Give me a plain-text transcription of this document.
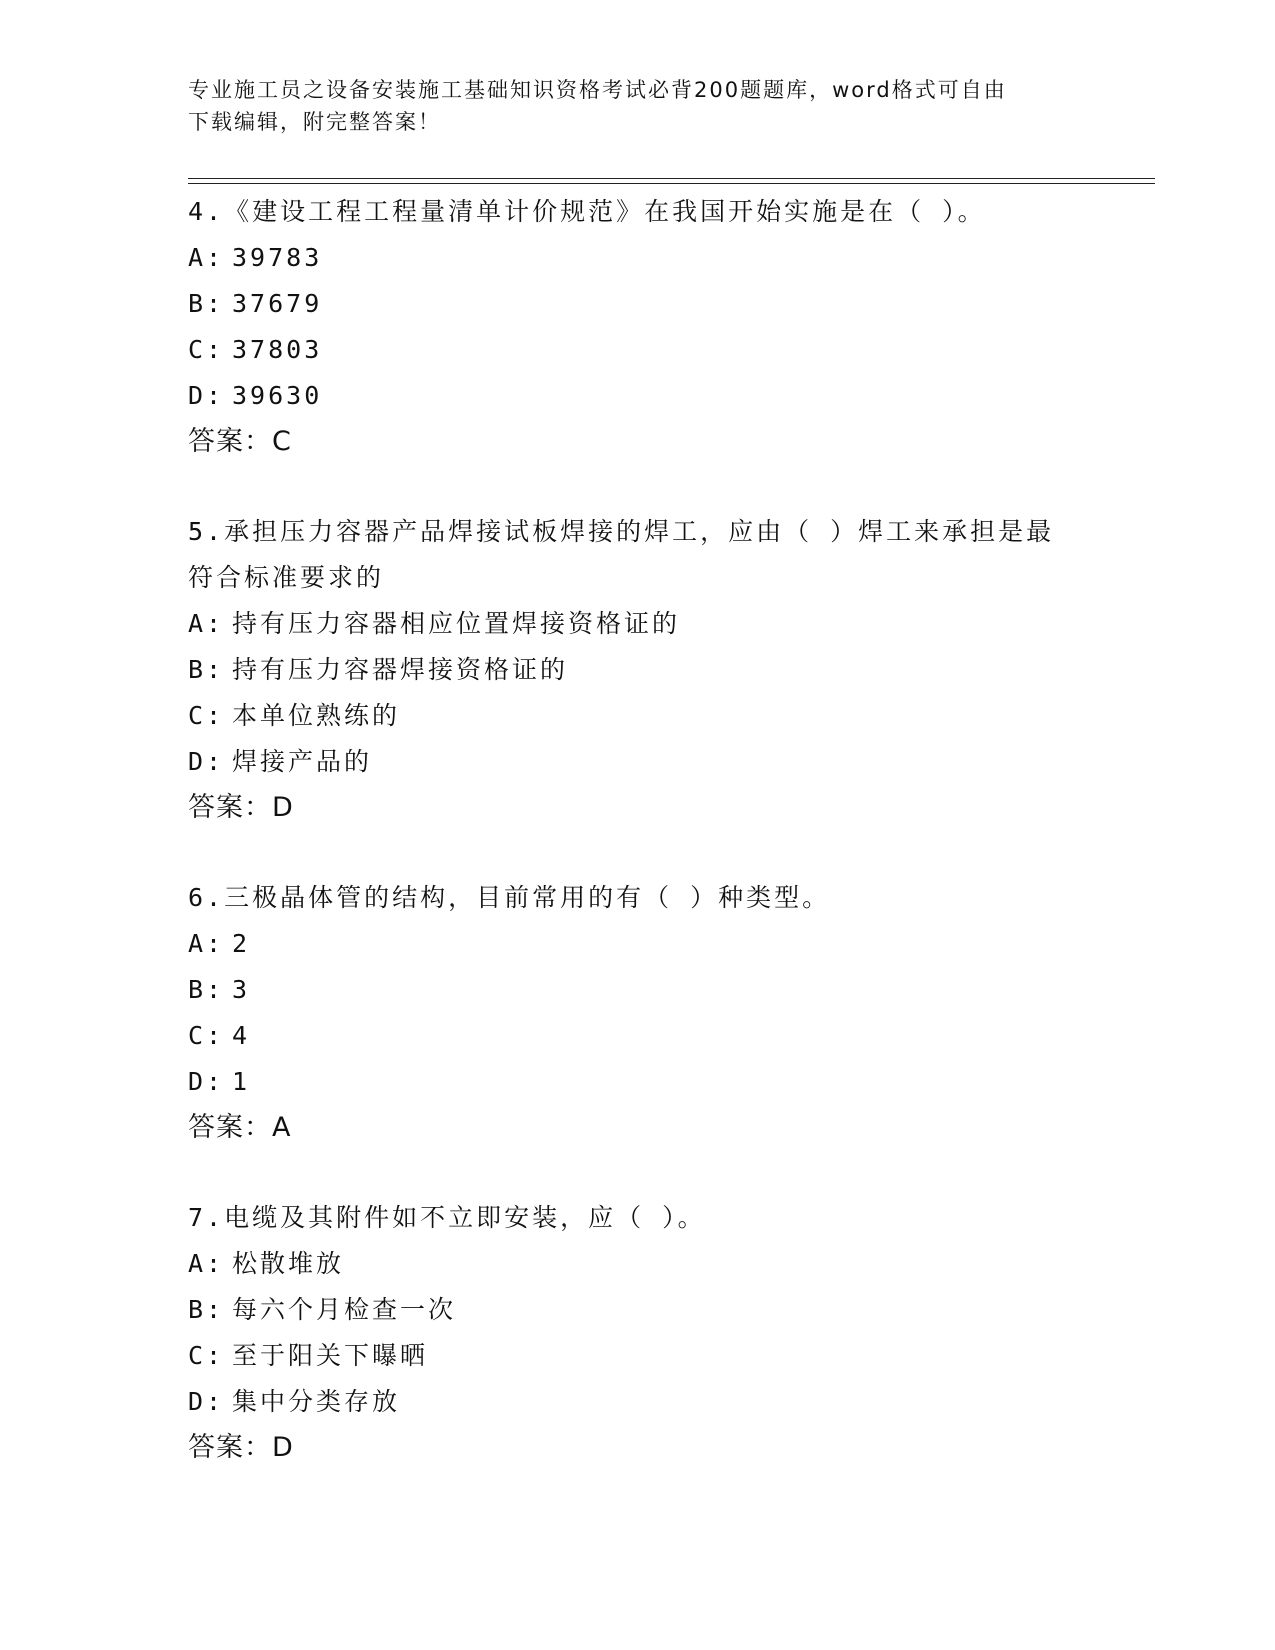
专业施工员之设备安装施工基础知识资格考试必背200题题库，word格式可自由
下载编辑，附完整答案！
4.《建设工程工程量清单计价规范》在我国开始实施是在（ ）。
A: 39783
B: 37679
C: 37803
D: 39630
答案：C
5.承担压力容器产品焊接试板焊接的焊工，应由（ ）焊工来承担是最
符合标准要求的
A: 持有压力容器相应位置焊接资格证的
B: 持有压力容器焊接资格证的
C: 本单位熟练的
D: 焊接产品的
答案：D
6.三极晶体管的结构，目前常用的有（ ）种类型。
A: 2
B: 3
C: 4
D: 1
答案：A
7.电缆及其附件如不立即安装，应（ ）。
A: 松散堆放
B: 每六个月检查一次
C: 至于阳关下曝晒
D: 集中分类存放
答案：D
